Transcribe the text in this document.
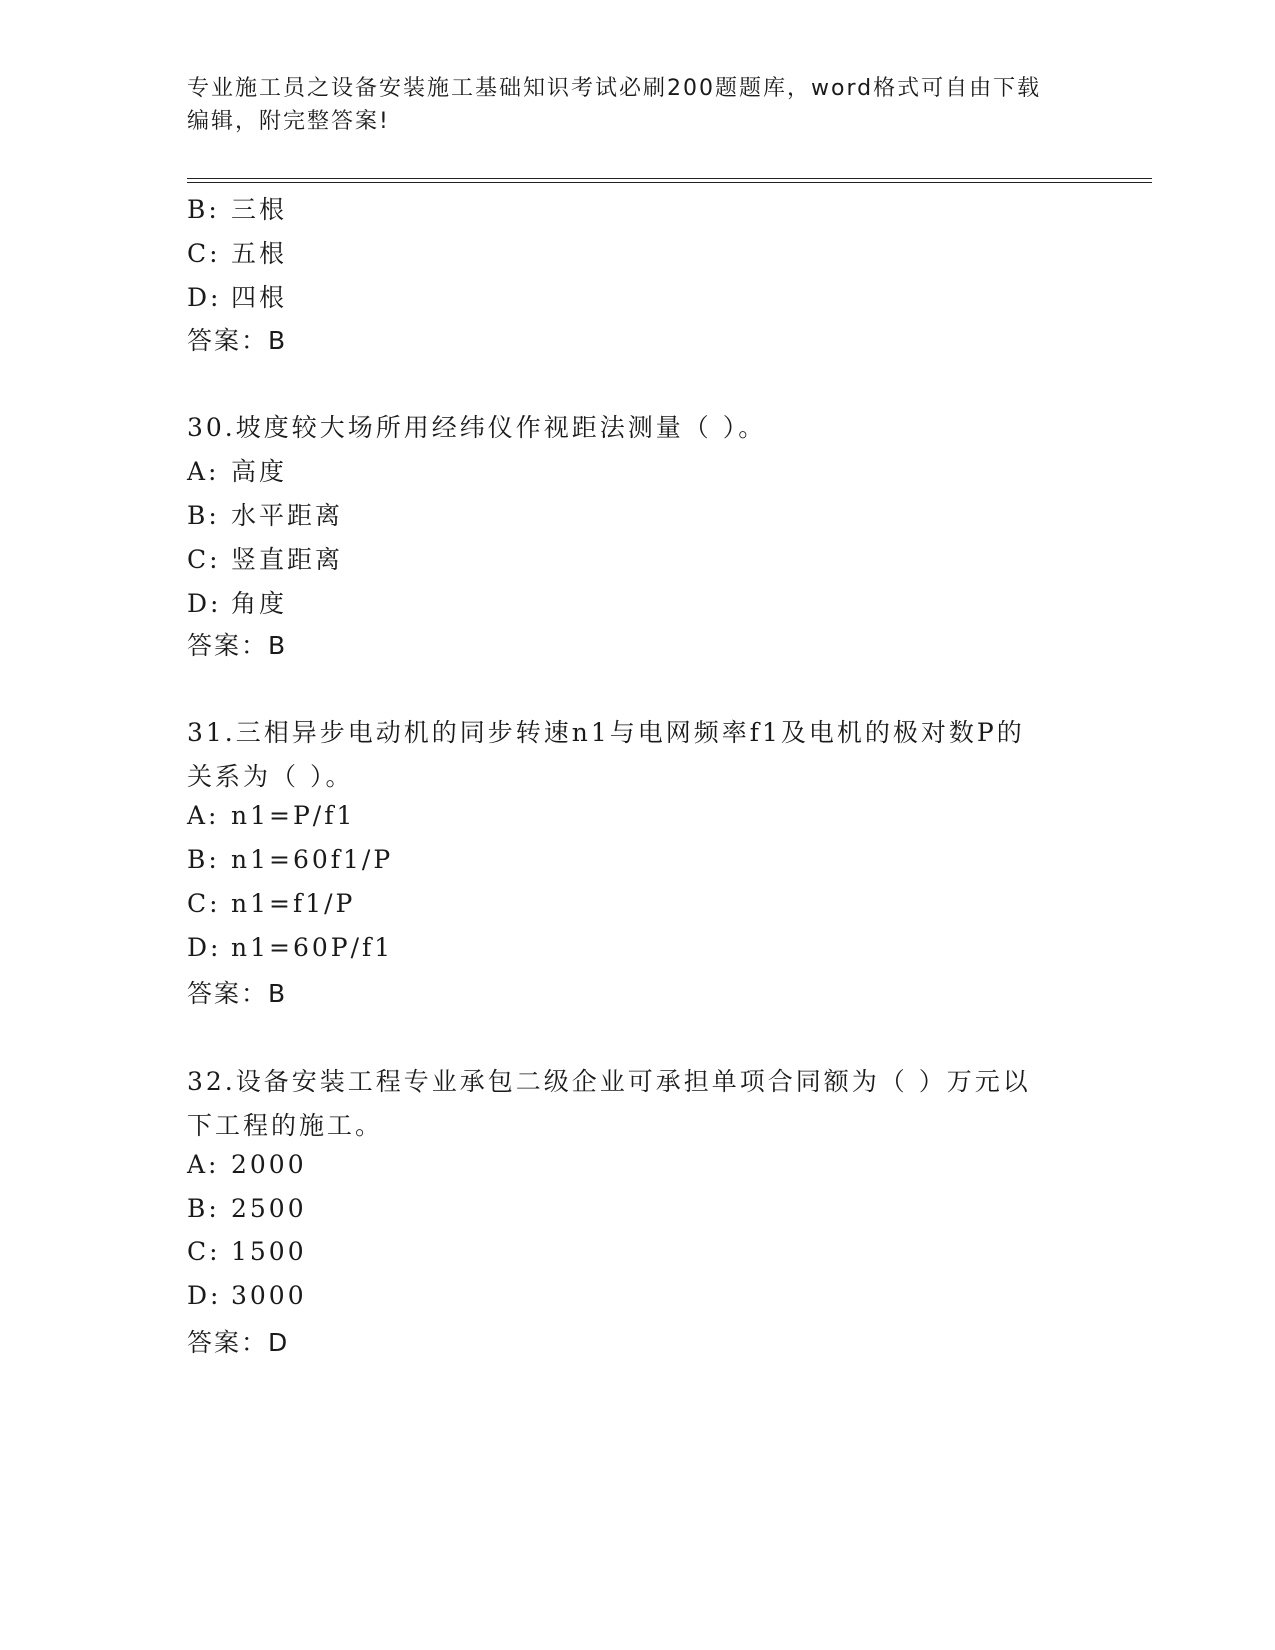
专业施工员之设备安装施工基础知识考试必刷200题题库，word格式可自由下载
编辑，附完整答案!
B: 三根
C: 五根
D: 四根
答案：B
30.坡度较大场所用经纬仪作视距法测量（ ）。
A: 高度
B: 水平距离
C: 竖直距离
D: 角度
答案：B
31.三相异步电动机的同步转速n1与电网频率f1及电机的极对数P的
关系为（ ）。
A: n1=P/f1
B: n1=60f1/P
C: n1=f1/P
D: n1=60P/f1
答案：B
32.设备安装工程专业承包二级企业可承担单项合同额为（ ）万元以
下工程的施工。
A: 2000
B: 2500
C: 1500
D: 3000
答案：D
